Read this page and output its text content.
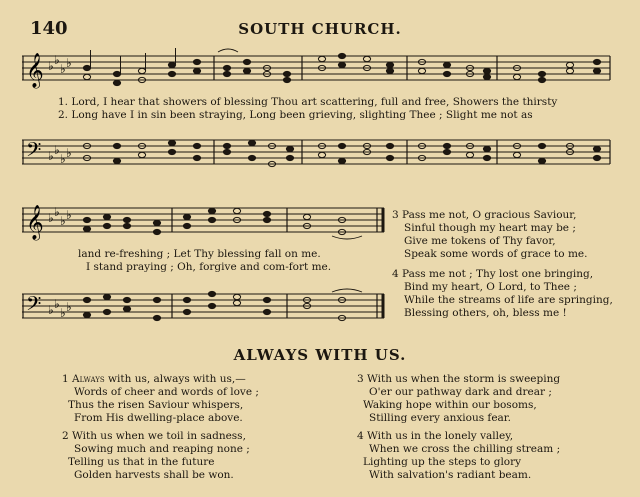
140	SOUTH CHURCH.
𝄞 ♭ ♭
♭ ♭
1. Lord, I hear that showers of blessing Thou art scattering, full and free, Showers the thirsty
2. Long have I in sin been straying, Long been grieving, slighting Thee ; Slight me not as
𝄢 ♭ ♭
♭ ♭
𝄞 ♭ ♭
♭ ♭
land re-freshing ; Let Thy blessing fall on me.
I stand praying ; Oh, forgive and com-fort me.
𝄢 ♭ ♭
♭ ♭
3 Pass me not, O gracious Saviour,
Sinful though my heart may be ;
Give me tokens of Thy favor,
Speak some words of grace to me.
4 Pass me not ; Thy lost one bringing,
Bind my heart, O Lord, to Thee ;
While the streams of life are springing,
Blessing others, oh, bless me !
ALWAYS WITH US.
1 Always with us, always with us,—
Words of cheer and words of love ;
Thus the risen Saviour whispers,
From His dwelling-place above.
2 With us when we toil in sadness,
Sowing much and reaping none ;
Telling us that in the future
Golden harvests shall be won.
3 With us when the storm is sweeping
O'er our pathway dark and drear ;
Waking hope within our bosoms,
Stilling every anxious fear.
4 With us in the lonely valley,
When we cross the chilling stream ;
Lighting up the steps to glory
With salvation's radiant beam.
